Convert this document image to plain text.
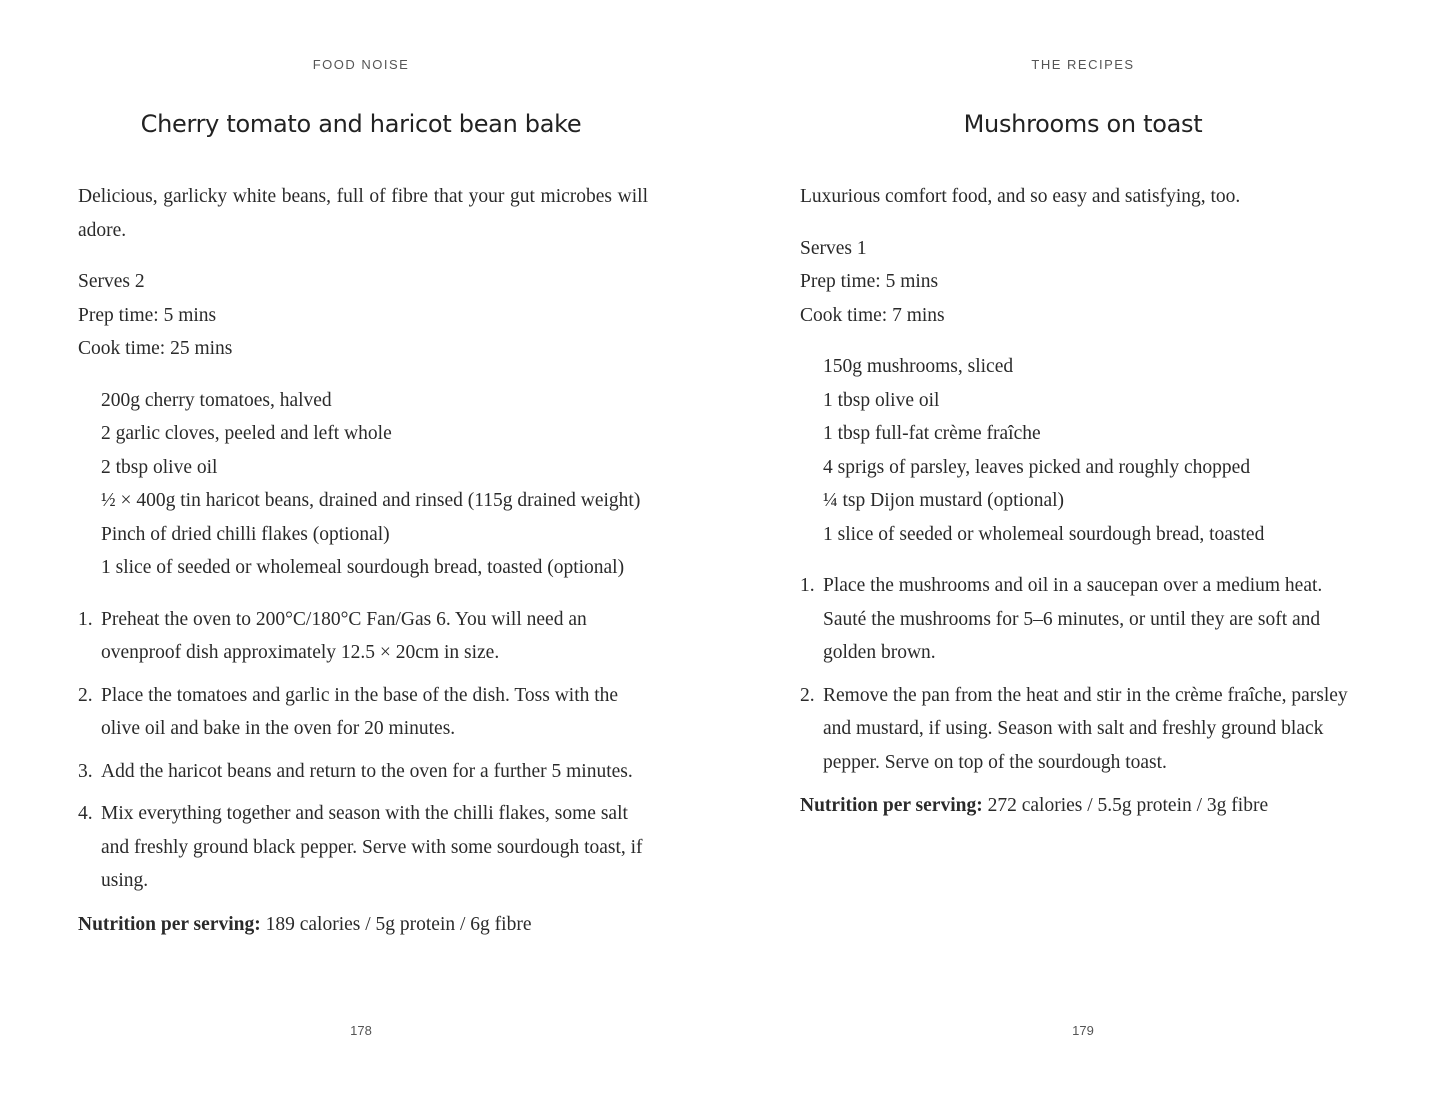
FOOD NOISE
Cherry tomato and haricot bean bake

Delicious, garlicky white beans, full of fibre that your gut microbes will adore.

Serves 2
Prep time: 5 mins
Cook time: 25 mins
200g cherry tomatoes, halved
2 garlic cloves, peeled and left whole
2 tbsp olive oil
½ × 400g tin haricot beans, drained and rinsed (115g drained weight)
Pinch of dried chilli flakes (optional)
1 slice of seeded or wholemeal sourdough bread, toasted (optional)
1. Preheat the oven to 200°C/180°C Fan/Gas 6. You will need an ovenproof dish approximately 12.5 × 20cm in size.
2. Place the tomatoes and garlic in the base of the dish. Toss with the olive oil and bake in the oven for 20 minutes.
3. Add the haricot beans and return to the oven for a further 5 minutes.
4. Mix everything together and season with the chilli flakes, some salt and freshly ground black pepper. Serve with some sourdough toast, if using.

Nutrition per serving: 189 calories / 5g protein / 6g fibre

178
THE RECIPES
Mushrooms on toast

Luxurious comfort food, and so easy and satisfying, too.

Serves 1
Prep time: 5 mins
Cook time: 7 mins
150g mushrooms, sliced
1 tbsp olive oil
1 tbsp full-fat crème fraîche
4 sprigs of parsley, leaves picked and roughly chopped
¼ tsp Dijon mustard (optional)
1 slice of seeded or wholemeal sourdough bread, toasted
1. Place the mushrooms and oil in a saucepan over a medium heat. Sauté the mushrooms for 5–6 minutes, or until they are soft and golden brown.
2. Remove the pan from the heat and stir in the crème fraîche, parsley and mustard, if using. Season with salt and freshly ground black pepper. Serve on top of the sourdough toast.

Nutrition per serving: 272 calories / 5.5g protein / 3g fibre

179
